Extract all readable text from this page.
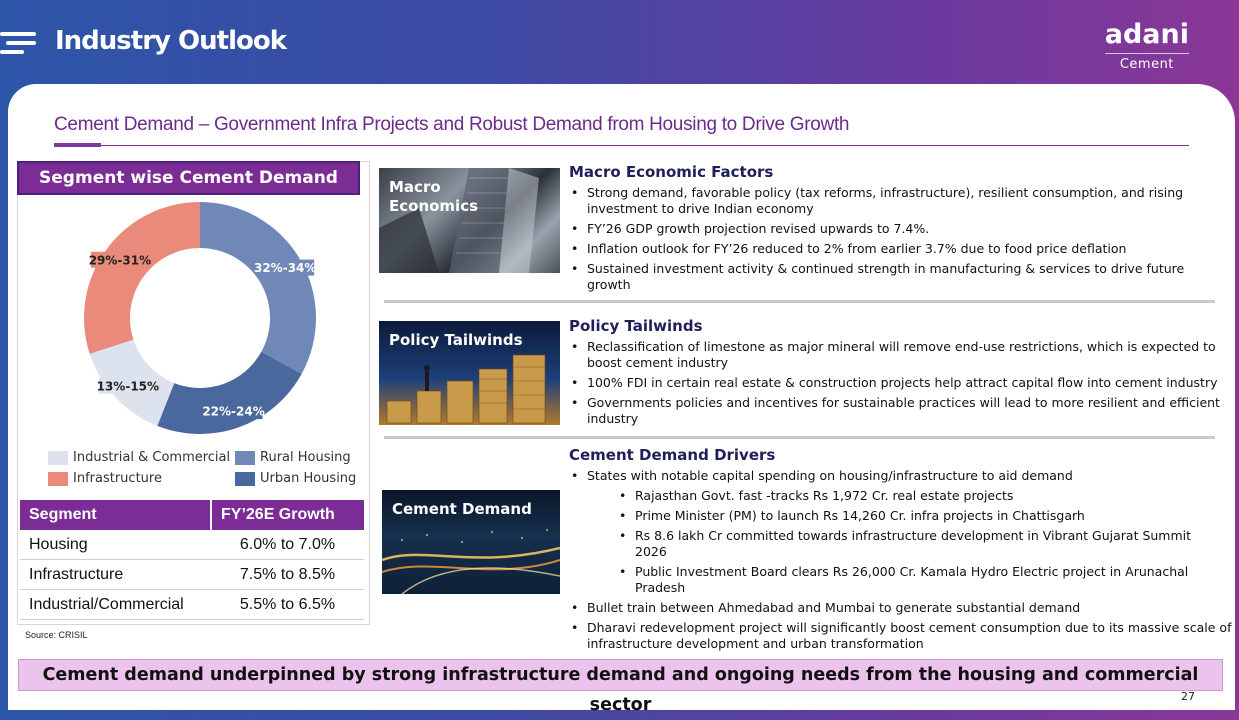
Industry Outlook	adani
Cement
Cement Demand – Government Infra Projects and Robust Demand from Housing to Drive Growth
Segment wise Cement Demand
32%-34%
22%-24%
13%-15%
29%-31%
Industrial & Commercial Rural Housing
Infrastructure	Urban Housing
Segment	FY’26E Growth
Housing	6.0% to 7.0%
Infrastructure	7.5% to 8.5%
Industrial/Commercial	5.5% to 6.5%
Source: CRISIL
Macro Economics
Macro Economic Factors
• Strong demand, favorable policy (tax reforms, infrastructure), resilient consumption, and rising investment to drive Indian economy
• FY’26 GDP growth projection revised upwards to 7.4%.
• Inflation outlook for FY’26 reduced to 2% from earlier 3.7% due to food price deflation
• Sustained investment activity & continued strength in manufacturing & services to drive future growth
Policy Tailwinds
Policy Tailwinds
• Reclassification of limestone as major mineral will remove end-use restrictions, which is expected to boost cement industry
• 100% FDI in certain real estate & construction projects help attract capital flow into cement industry
• Governments policies and incentives for sustainable practices will lead to more resilient and efficient industry
Cement Demand
Cement Demand Drivers
• States with notable capital spending on housing/infrastructure to aid demand
• Rajasthan Govt. fast -tracks Rs 1,972 Cr. real estate projects
• Prime Minister (PM) to launch Rs 14,260 Cr. infra projects in Chattisgarh
• Rs 8.6 lakh Cr committed towards infrastructure development in Vibrant Gujarat Summit 2026
• Public Investment Board clears Rs 26,000 Cr. Kamala Hydro Electric project in Arunachal Pradesh
• Bullet train between Ahmedabad and Mumbai to generate substantial demand
• Dharavi redevelopment project will significantly boost cement consumption due to its massive scale of infrastructure development and urban transformation
Cement demand underpinned by strong infrastructure demand and ongoing needs from the housing and commercial sector	27
